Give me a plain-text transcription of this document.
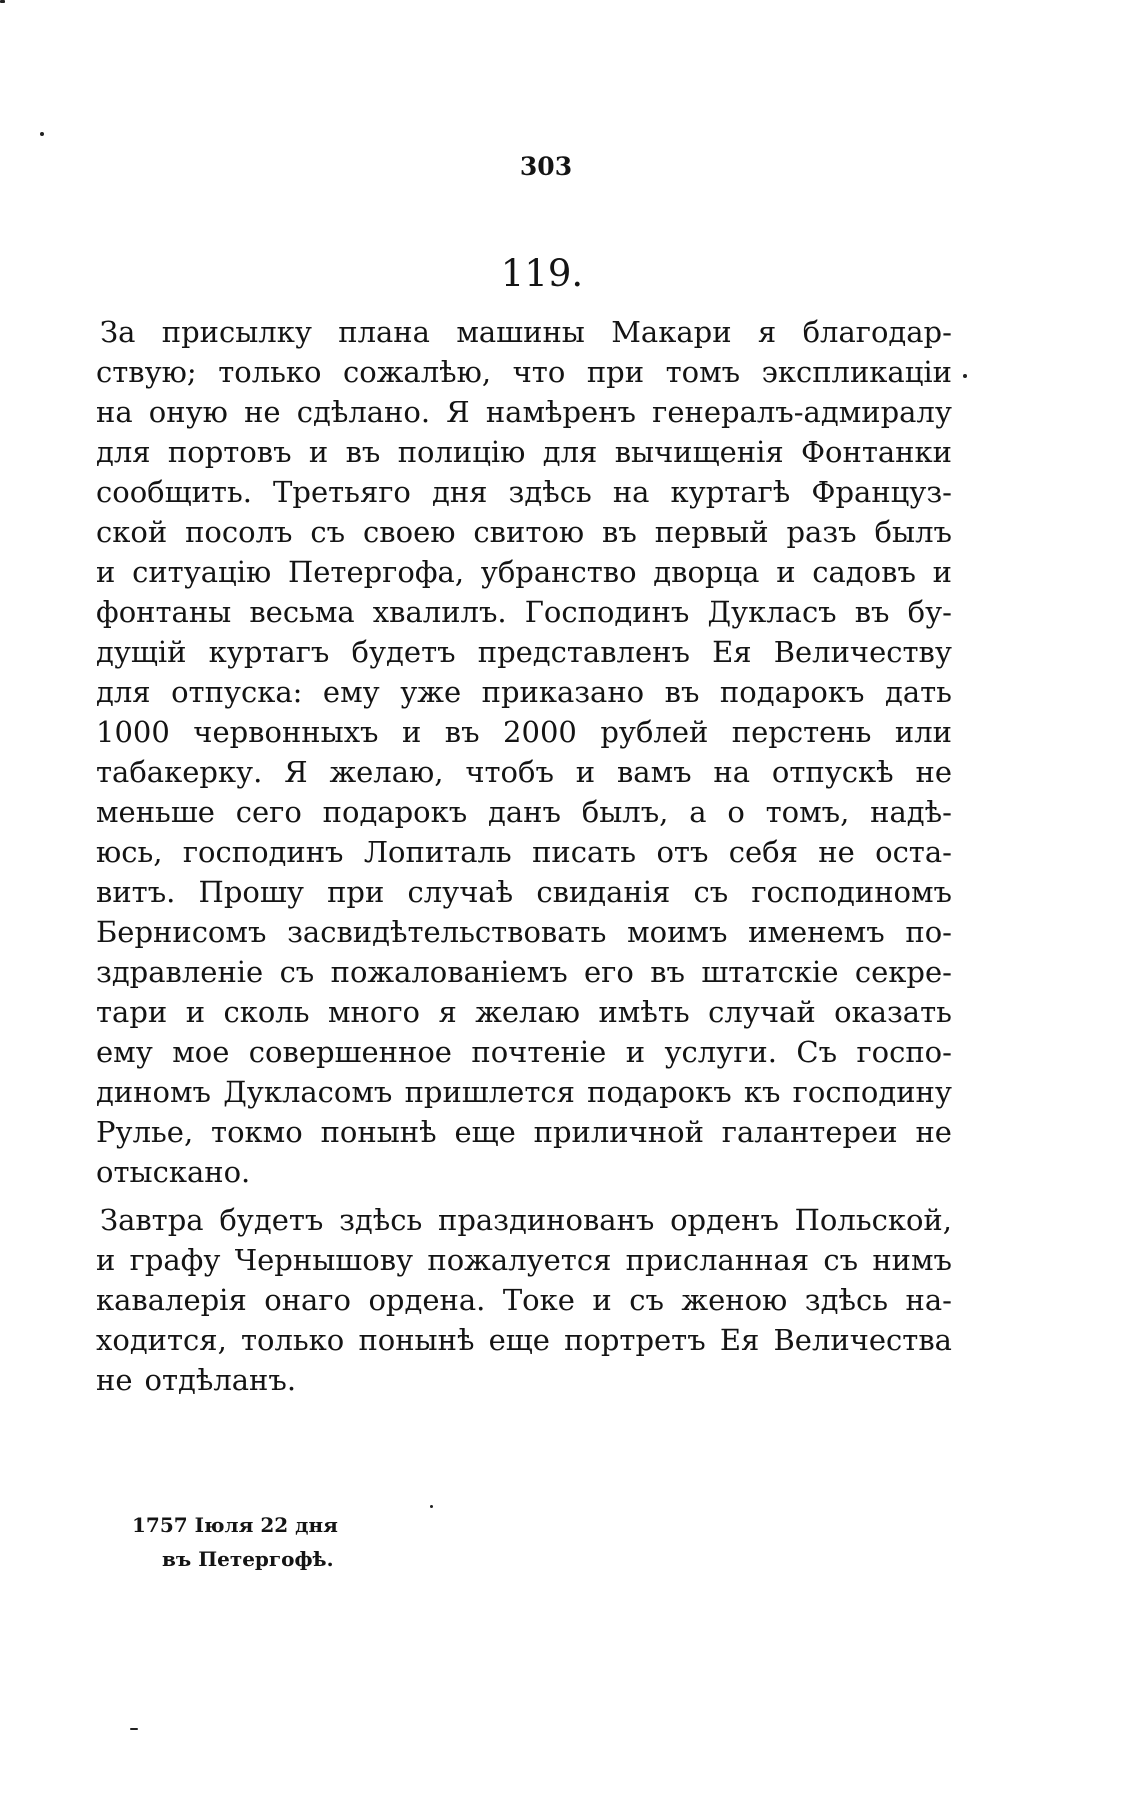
303
119.
За присылку плана машины Макари я благодар-
ствую; только сожалѣю, что при томъ экспликаціи
на оную не сдѣлано. Я намѣренъ генералъ-адмиралу
для портовъ и въ полицію для вычищенія Фонтанки
сообщить. Третьяго дня здѣсь на куртагѣ Француз-
ской посолъ съ своею свитою въ первый разъ былъ
и ситуацію Петергофа, убранство дворца и садовъ и
фонтаны весьма хвалилъ. Господинъ Дукласъ въ бу-
дущій куртагъ будетъ представленъ Ея Величеству
для отпуска: ему уже приказано въ подарокъ дать
1000 червонныхъ и въ 2000 рублей перстень или
табакерку. Я желаю, чтобъ и вамъ на отпускѣ не
меньше сего подарокъ данъ былъ, а о томъ, надѣ-
юсь, господинъ Лопиталь писать отъ себя не оста-
витъ. Прошу при случаѣ свиданія съ господиномъ
Бернисомъ засвидѣтельствовать моимъ именемъ по-
здравленіе съ пожалованіемъ его въ штатскіе секре-
тари и сколь много я желаю имѣть случай оказать
ему мое совершенное почтеніе и услуги. Съ госпо-
диномъ Дукласомъ пришлется подарокъ къ господину
Рулье, токмо понынѣ еще приличной галантереи не
отыскано.
Завтра будетъ здѣсь праздинованъ орденъ Польской,
и графу Чернышову пожалуется присланная съ нимъ
кавалерія онаго ордена. Токе и съ женою здѣсь на-
ходится, только понынѣ еще портретъ Ея Величества
не отдѣланъ.
1757 Іюля 22 дня
въ Петергофѣ.
